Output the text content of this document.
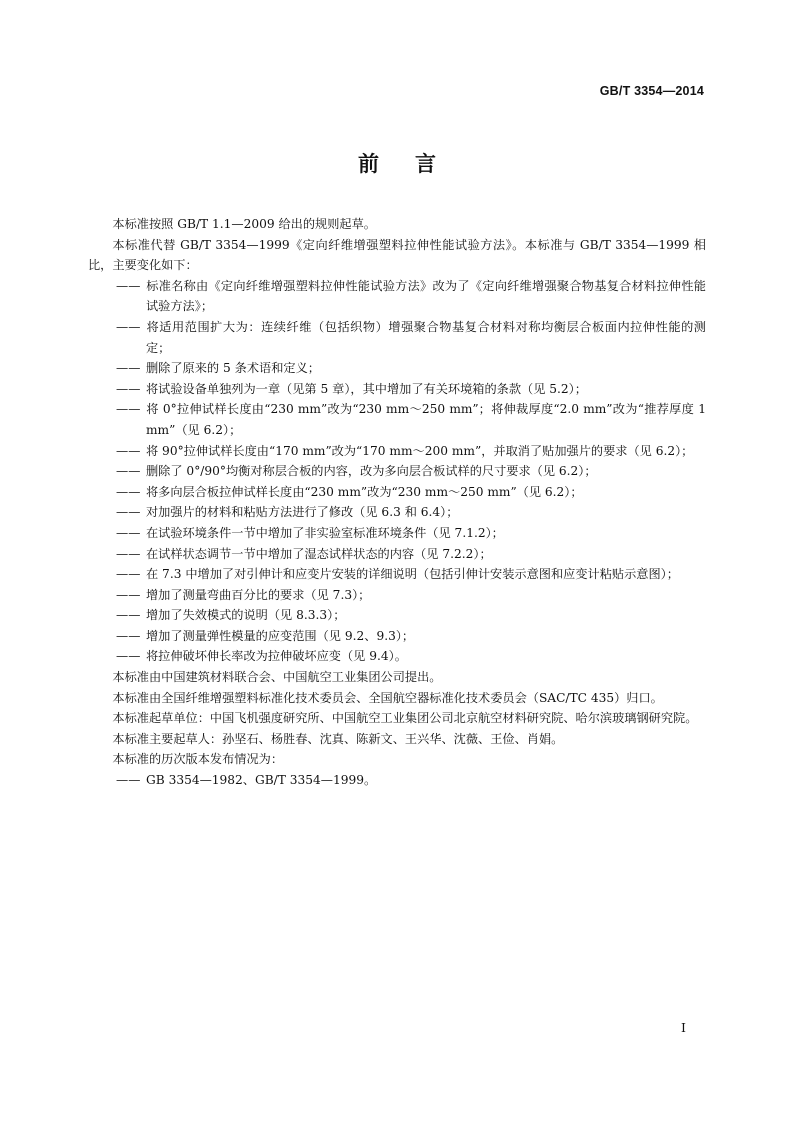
GB/T 3354—2014
前言

本标准按照 GB/T 1.1—2009 给出的规则起草。

本标准代替 GB/T 3354—1999《定向纤维增强塑料拉伸性能试验方法》。本标准与 GB/T 3354—1999 相比，主要变化如下：

—— 标准名称由《定向纤维增强塑料拉伸性能试验方法》改为了《定向纤维增强聚合物基复合材料拉伸性能试验方法》；
—— 将适用范围扩大为：连续纤维（包括织物）增强聚合物基复合材料对称均衡层合板面内拉伸性能的测定；
—— 删除了原来的 5 条术语和定义；
—— 将试验设备单独列为一章（见第 5 章），其中增加了有关环境箱的条款（见 5.2）；
—— 将 0°拉伸试样长度由“230 mm”改为“230 mm～250 mm”；将伸裁厚度“2.0 mm”改为“推荐厚度 1 mm”（见 6.2）；
—— 将 90°拉伸试样长度由“170 mm”改为“170 mm～200 mm”，并取消了贴加强片的要求（见 6.2）；
—— 删除了 0°/90°均衡对称层合板的内容，改为多向层合板试样的尺寸要求（见 6.2）；
—— 将多向层合板拉伸试样长度由“230 mm”改为“230 mm～250 mm”（见 6.2）；
—— 对加强片的材料和粘贴方法进行了修改（见 6.3 和 6.4）；
—— 在试验环境条件一节中增加了非实验室标准环境条件（见 7.1.2）；
—— 在试样状态调节一节中增加了湿态试样状态的内容（见 7.2.2）；
—— 在 7.3 中增加了对引伸计和应变片安装的详细说明（包括引伸计安装示意图和应变计粘贴示意图）；
—— 增加了测量弯曲百分比的要求（见 7.3）；
—— 增加了失效模式的说明（见 8.3.3）；
—— 增加了测量弹性模量的应变范围（见 9.2、9.3）；
—— 将拉伸破坏伸长率改为拉伸破坏应变（见 9.4）。

本标准由中国建筑材料联合会、中国航空工业集团公司提出。

本标准由全国纤维增强塑料标准化技术委员会、全国航空器标准化技术委员会（SAC/TC 435）归口。

本标准起草单位：中国飞机强度研究所、中国航空工业集团公司北京航空材料研究院、哈尔滨玻璃钢研究院。

本标准主要起草人：孙坚石、杨胜春、沈真、陈新文、王兴华、沈薇、王俭、肖娟。

本标准的历次版本发布情况为：

—— GB 3354—1982、GB/T 3354—1999。
I
